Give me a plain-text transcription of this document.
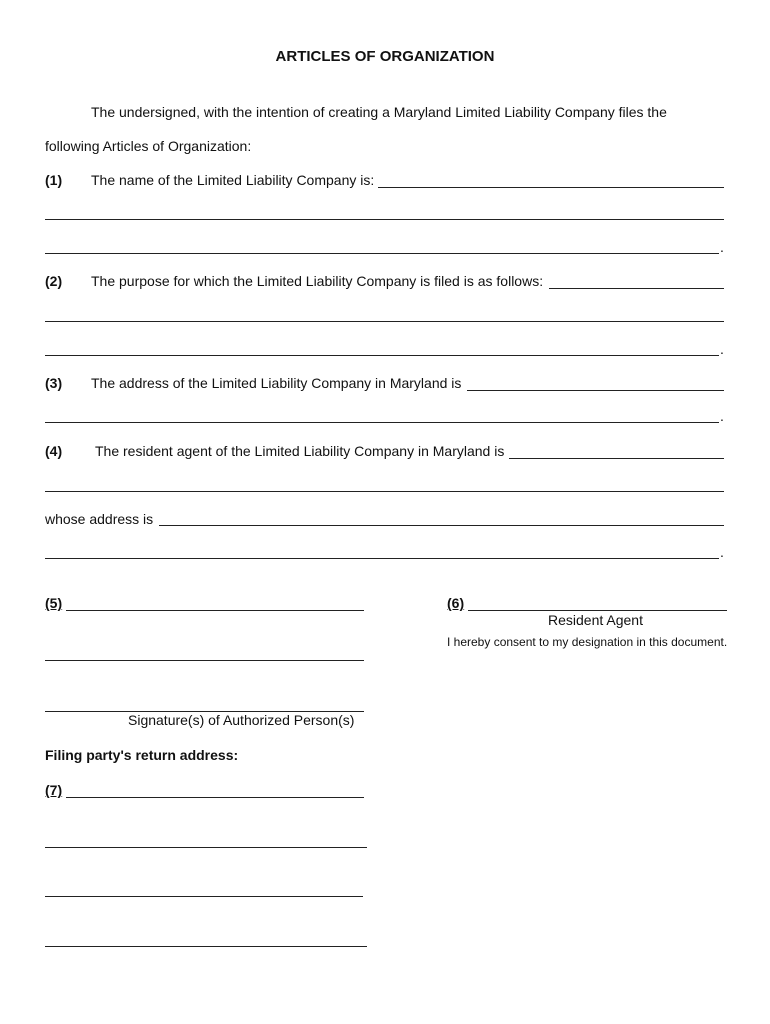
ARTICLES OF ORGANIZATION
The undersigned, with the intention of creating a Maryland Limited Liability Company files the
following Articles of Organization:
(1) The name of the Limited Liability Company is:
.
(2) The purpose for which the Limited Liability Company is filed is as follows:
.
(3) The address of the Limited Liability Company in Maryland is
.
(4) The resident agent of the Limited Liability Company in Maryland is
whose address is
.
(5)
Signature(s) of Authorized Person(s)
(6)
Resident Agent
I hereby consent to my designation in this document.
Filing party's return address:
(7)
